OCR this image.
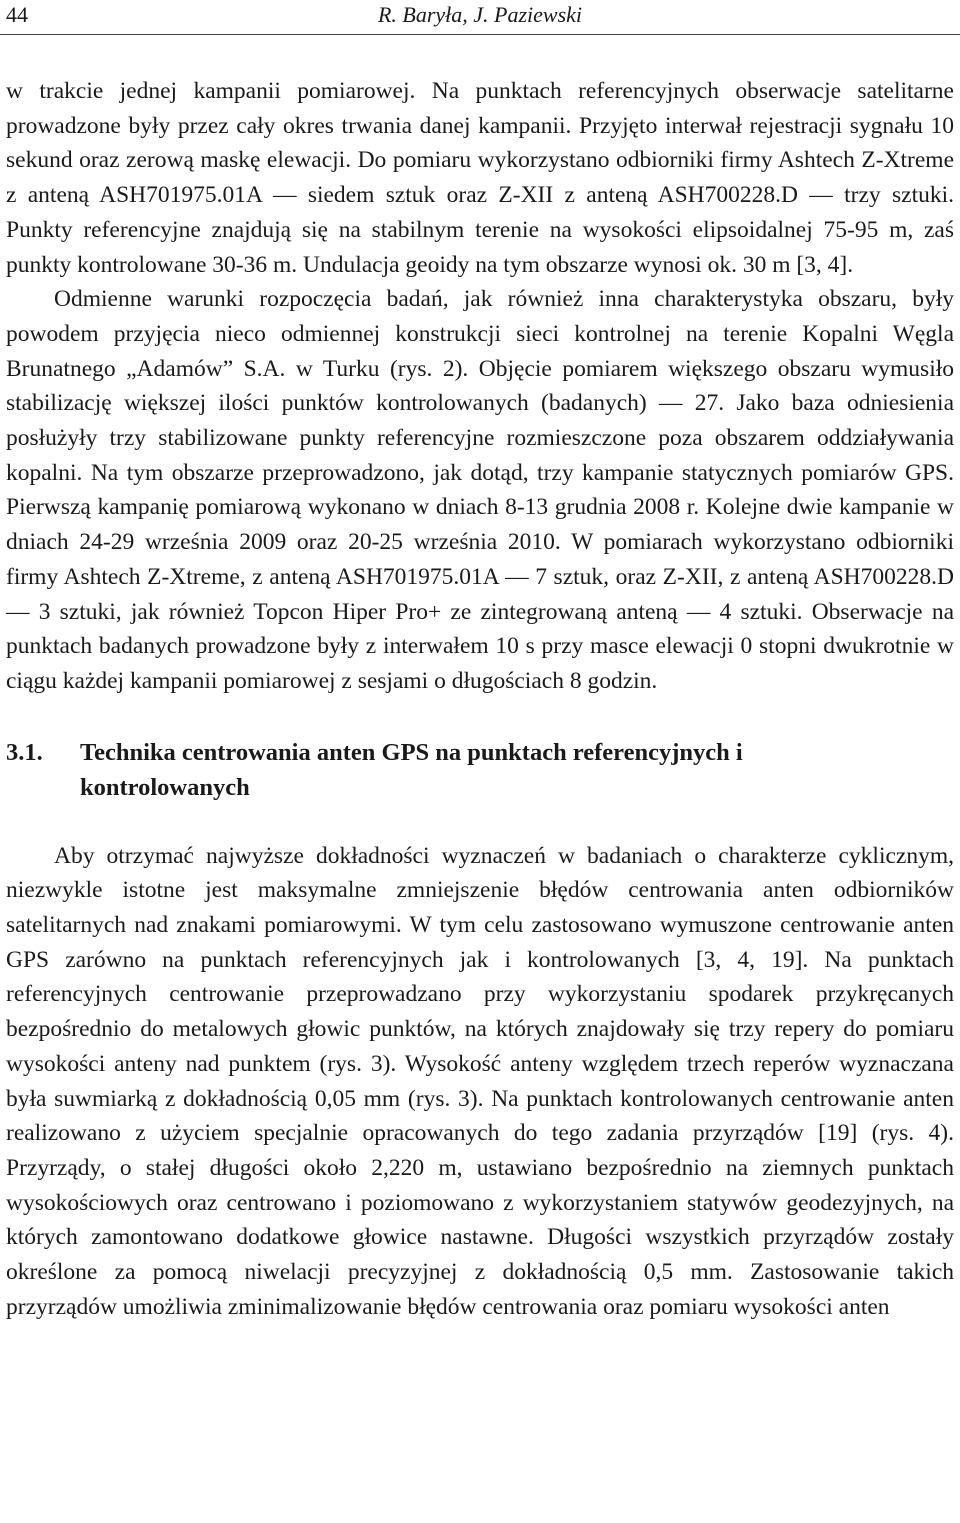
44	R. Baryła, J. Paziewski

w trakcie jednej kampanii pomiarowej. Na punktach referencyjnych obserwacje satelitarne prowadzone były przez cały okres trwania danej kampanii. Przyjęto interwał rejestracji sygnału 10 sekund oraz zerową maskę elewacji. Do pomiaru wykorzystano odbiorniki firmy Ashtech Z-Xtreme z anteną ASH701975.01A — siedem sztuk oraz Z-XII z anteną ASH700228.D — trzy sztuki. Punkty referencyjne znajdują się na stabilnym terenie na wysokości elipsoidalnej 75-95 m, zaś punkty kontrolowane 30-36 m. Undulacja geoidy na tym obszarze wynosi ok. 30 m [3, 4].

Odmienne warunki rozpoczęcia badań, jak również inna charakterystyka obszaru, były powodem przyjęcia nieco odmiennej konstrukcji sieci kontrolnej na terenie Kopalni Węgla Brunatnego „Adamów” S.A. w Turku (rys. 2). Objęcie pomiarem większego obszaru wymusiło stabilizację większej ilości punktów kontrolowanych (badanych) — 27. Jako baza odniesienia posłużyły trzy stabilizowane punkty referencyjne rozmieszczone poza obszarem oddziaływania kopalni. Na tym obszarze przeprowadzono, jak dotąd, trzy kampanie statycznych pomiarów GPS. Pierwszą kampanię pomiarową wykonano w dniach 8-13 grudnia 2008 r. Kolejne dwie kampanie w dniach 24-29 września 2009 oraz 20-25 września 2010. W pomiarach wykorzystano odbiorniki firmy Ashtech Z-Xtreme, z anteną ASH701975.01A — 7 sztuk, oraz Z-XII, z anteną ASH700228.D — 3 sztuki, jak również Topcon Hiper Pro+ ze zintegrowaną anteną — 4 sztuki. Obserwacje na punktach badanych prowadzone były z interwałem 10 s przy masce elewacji 0 stopni dwukrotnie w ciągu każdej kampanii pomiarowej z sesjami o długościach 8 godzin.

3.1.	Technika centrowania anten GPS na punktach referencyjnych i kontrolowanych

Aby otrzymać najwyższe dokładności wyznaczeń w badaniach o charakterze cyklicznym, niezwykle istotne jest maksymalne zmniejszenie błędów centrowania anten odbiorników satelitarnych nad znakami pomiarowymi. W tym celu zastosowano wymuszone centrowanie anten GPS zarówno na punktach referencyjnych jak i kontrolowanych [3, 4, 19]. Na punktach referencyjnych centrowanie przeprowadzano przy wykorzystaniu spodarek przykręcanych bezpośrednio do metalowych głowic punktów, na których znajdowały się trzy repery do pomiaru wysokości anteny nad punktem (rys. 3). Wysokość anteny względem trzech reperów wyznaczana była suwmiarką z dokładnością 0,05 mm (rys. 3). Na punktach kontrolowanych centrowanie anten realizowano z użyciem specjalnie opracowanych do tego zadania przyrządów [19] (rys. 4). Przyrządy, o stałej długości około 2,220 m, ustawiano bezpośrednio na ziemnych punktach wysokościowych oraz centrowano i poziomowano z wykorzystaniem statywów geodezyjnych, na których zamontowano dodatkowe głowice nastawne. Długości wszystkich przyrządów zostały określone za pomocą niwelacji precyzyjnej z dokładnością 0,5 mm. Zastosowanie takich przyrządów umożliwia zminimalizowanie błędów centrowania oraz pomiaru wysokości anten
